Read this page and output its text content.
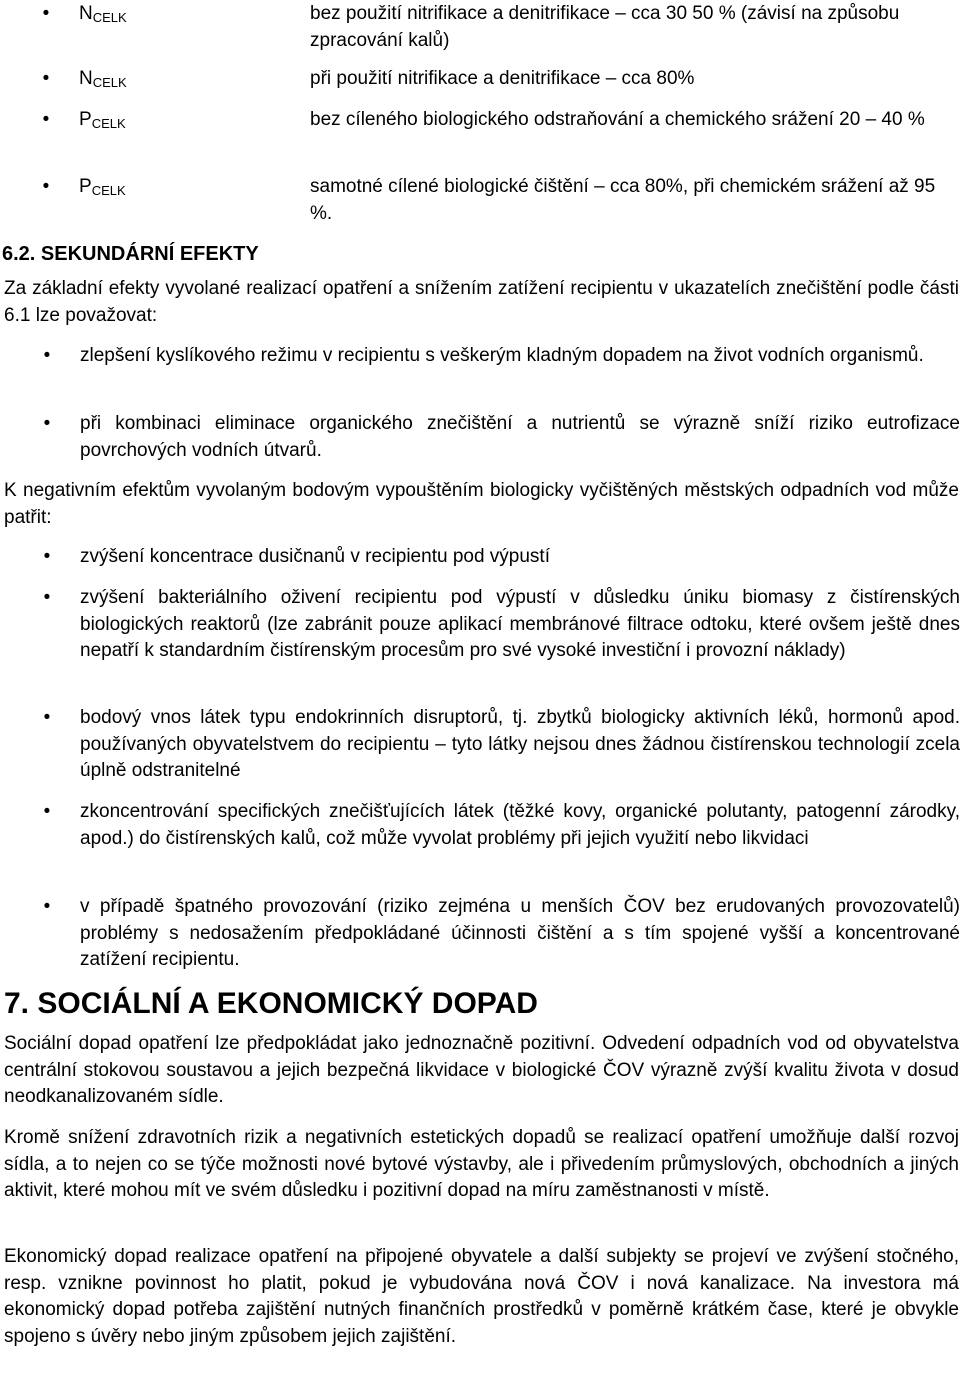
• $N_{CELK}$	bez použití nitrifikace a denitrifikace – cca 30 50 % (závisí na způsobu zpracování kalů)
• $N_{CELK}$	při použití nitrifikace a denitrifikace – cca 80%
• $P_{CELK}$	bez cíleného biologického odstraňování a chemického srážení 20 – 40 %
• $P_{CELK}$	samotné cílené biologické čištění – cca 80%, při chemickém srážení až 95 %.
6.2. SEKUNDÁRNÍ EFEKTY
Za základní efekty vyvolané realizací opatření a snížením zatížení recipientu v ukazatelích znečištění podle části 6.1 lze považovat:
• zlepšení kyslíkového režimu v recipientu s veškerým kladným dopadem na život vodních organismů.
• při kombinaci eliminace organického znečištění a nutrientů se výrazně sníží riziko eutrofizace povrchových vodních útvarů.
K negativním efektům vyvolaným bodovým vypouštěním biologicky vyčištěných městských odpadních vod může patřit:
• zvýšení koncentrace dusičnanů v recipientu pod výpustí
• zvýšení bakteriálního oživení recipientu pod výpustí v důsledku úniku biomasy z čistírenských biologických reaktorů (lze zabránit pouze aplikací membránové filtrace odtoku, které ovšem ještě dnes nepatří k standardním čistírenským procesům pro své vysoké investiční i provozní náklady)
• bodový vnos látek typu endokrinních disruptorů, tj. zbytků biologicky aktivních léků, hormonů apod. používaných obyvatelstvem do recipientu – tyto látky nejsou dnes žádnou čistírenskou technologií zcela úplně odstranitelné
• zkoncentrování specifických znečišťujících látek (těžké kovy, organické polutanty, patogenní zárodky, apod.) do čistírenských kalů, což může vyvolat problémy při jejich využití nebo likvidaci
• v případě špatného provozování (riziko zejména u menších ČOV bez erudovaných provozovatelů) problémy s nedosažením předpokládané účinnosti čištění a s tím spojené vyšší a koncentrované zatížení recipientu.
7. SOCIÁLNÍ A EKONOMICKÝ DOPAD
Sociální dopad opatření lze předpokládat jako jednoznačně pozitivní. Odvedení odpadních vod od obyvatelstva centrální stokovou soustavou a jejich bezpečná likvidace v biologické ČOV výrazně zvýší kvalitu života v dosud neodkanalizovaném sídle.
Kromě snížení zdravotních rizik a negativních estetických dopadů se realizací opatření umožňuje další rozvoj sídla, a to nejen co se týče možnosti nové bytové výstavby, ale i přivedením průmyslových, obchodních a jiných aktivit, které mohou mít ve svém důsledku i pozitivní dopad na míru zaměstnanosti v místě.
Ekonomický dopad realizace opatření na připojené obyvatele a další subjekty se projeví ve zvýšení stočného, resp. vznikne povinnost ho platit, pokud je vybudována nová ČOV i nová kanalizace. Na investora má ekonomický dopad potřeba zajištění nutných finančních prostředků v poměrně krátkém čase, které je obvykle spojeno s úvěry nebo jiným způsobem jejich zajištění.
